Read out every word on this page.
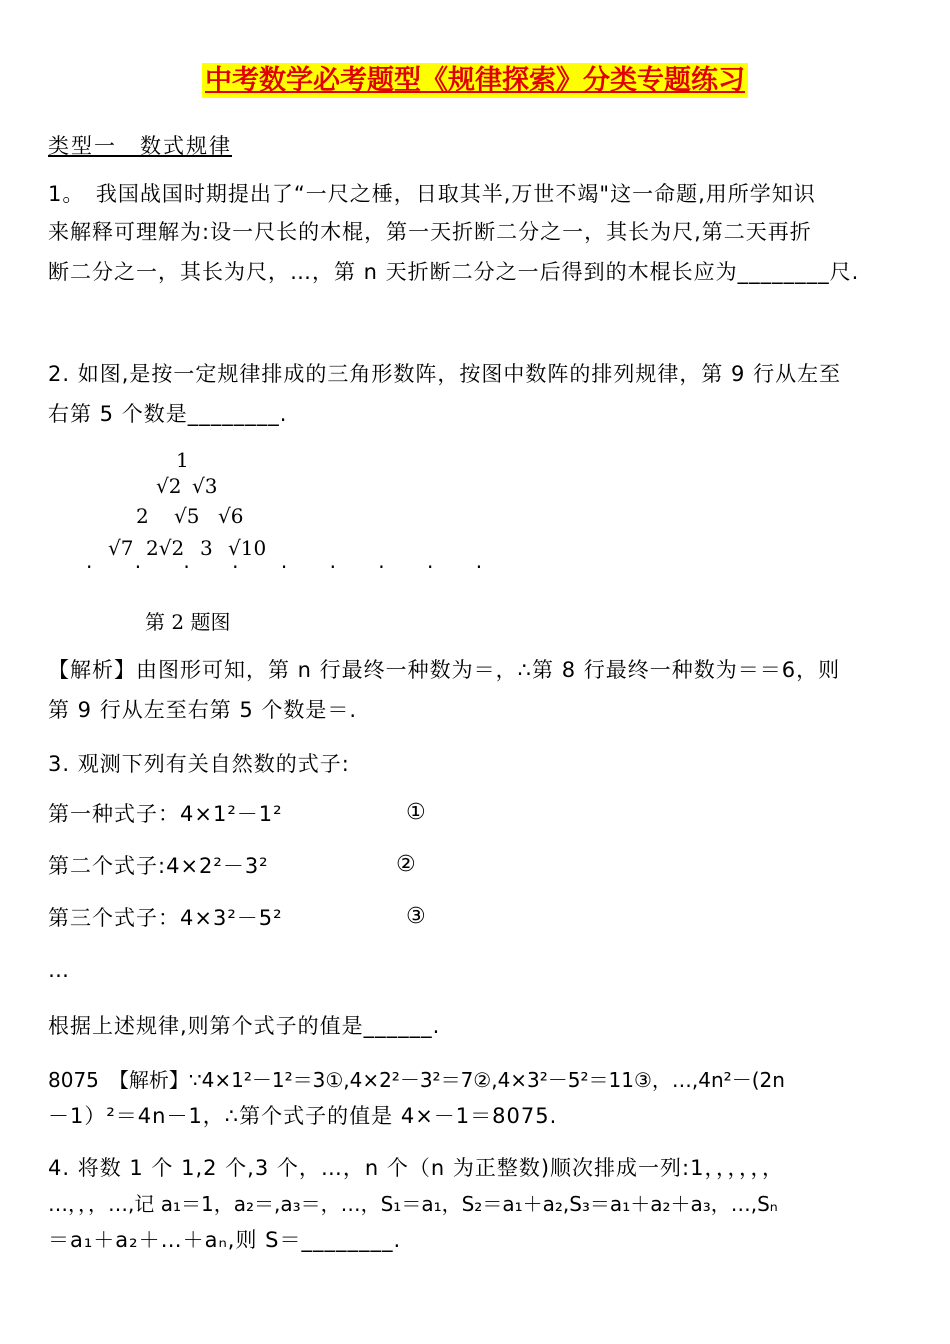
中考数学必考题型《规律探索》分类专题练习
类型一　数式规律
1。　我国战国时期提出了“一尺之棰，日取其半,万世不竭"这一命题,用所学知识
来解释可理解为:设一尺长的木棍，第一天折断二分之一，其长为尺,第二天再折
断二分之一，其长为尺，…，第 n 天折断二分之一后得到的木棍长应为________尺.
2. 如图,是按一定规律排成的三角形数阵，按图中数阵的排列规律，第 9 行从左至
右第 5 个数是________.
1
√2 √3
2 √5 √6
√7 2√2 3 √10
· · · · · · · · ·
第 2 题图
【解析】由图形可知，第 n 行最终一种数为＝，∴第 8 行最终一种数为＝＝6，则
第 9 行从左至右第 5 个数是＝.
3. 观测下列有关自然数的式子:
第一种式子：4×1²－1²	①
第二个式子:4×2²－3²	②
第三个式子：4×3²－5²	③
…
根据上述规律,则第个式子的值是______.
8075　【解析】∵4×1²－1²＝3①,4×2²－3²＝7②,4×3²－5²＝11③，…,4n²－(2n
－1）²＝4n－1，∴第个式子的值是 4×－1＝8075.
4. 将数 1 个 1,2 个,3 个，…，n 个（n 为正整数)顺次排成一列:1，，，，，，
…，，，…,记 a₁＝1，a₂＝,a₃＝，…，S₁＝a₁，S₂＝a₁＋a₂,S₃＝a₁＋a₂＋a₃，…,Sₙ
＝a₁＋a₂＋…＋aₙ,则 S＝________.
